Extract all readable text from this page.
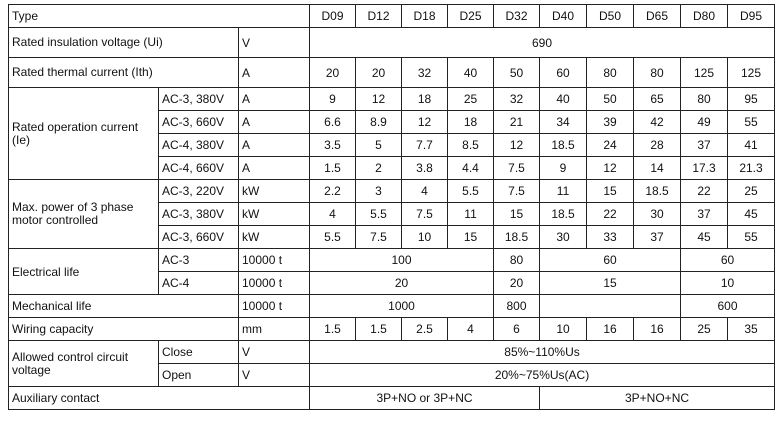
Type			D09	D12	D18	D25	D32	D40	D50	D65	D80	D95
Rated insulation voltage (Ui)		V	690									
Rated thermal current (Ith)		A	20	20	32	40	50	60	80	80	125	125
Rated operation current (Ie)	AC-3, 380V	A	9	12	18	25	32	40	50	65	80	95
	AC-3, 660V	A	6.6	8.9	12	18	21	34	39	42	49	55
	AC-4, 380V	A	3.5	5	7.7	8.5	12	18.5	24	28	37	41
	AC-4, 660V	A	1.5	2	3.8	4.4	7.5	9	12	14	17.3	21.3
Max. power of 3 phase motor controlled	AC-3, 220V	kW	2.2	3	4	5.5	7.5	11	15	18.5	22	25
	AC-3, 380V	kW	4	5.5	7.5	11	15	18.5	22	30	37	45
	AC-3, 660V	kW	5.5	7.5	10	15	18.5	30	33	37	45	55
Electrical life	AC-3	10000 t	100				80	60			60	
	AC-4	10000 t	20				20	15			10	
Mechanical life		10000 t	1000				800				600	
Wiring capacity		mm	1.5	1.5	2.5	4	6	10	16	16	25	35
Allowed control circuit voltage	Close	V	85%~110%Us									
	Open	V	20%~75%Us(AC)									
Auxiliary contact			3P+NO or 3P+NC					3P+NO+NC				
